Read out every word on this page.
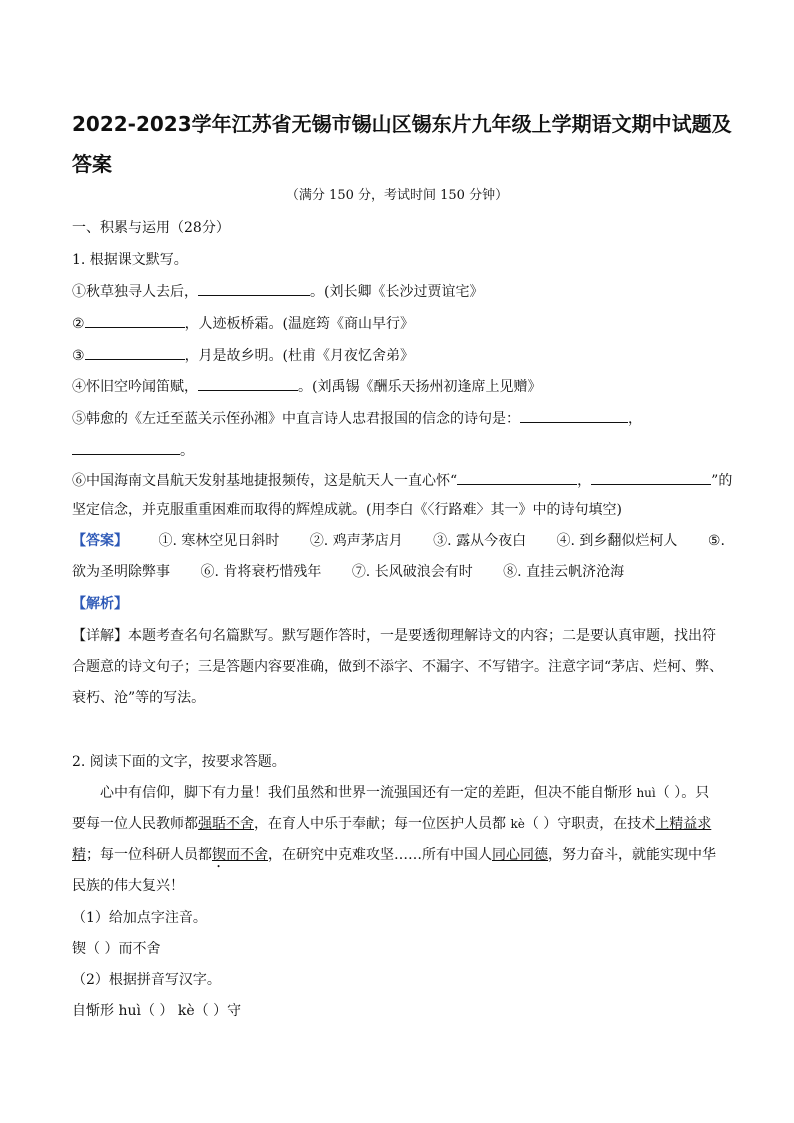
2022-2023学年江苏省无锡市锡山区锡东片九年级上学期语文期中试题及答案
（满分 150 分，考试时间 150 分钟）
一、积累与运用（28分）
1. 根据课文默写。
①秋草独寻人去后，	。(刘长卿《长沙过贾谊宅》
②	，人迹板桥霜。(温庭筠《商山早行》
③	，月是故乡明。(杜甫《月夜忆舍弟》
④怀旧空吟闻笛赋，	。(刘禹锡《酬乐天扬州初逢席上见赠》
⑤韩愈的《左迁至蓝关示侄孙湘》中直言诗人忠君报国的信念的诗句是：	，
。
⑥中国海南文昌航天发射基地捷报频传，这是航天人一直心怀“	，	”的
坚定信念，并克服重重困难而取得的辉煌成就。(用李白《〈行路难〉其一》中的诗句填空)
【答案】 ①. 寒林空见日斜时 ②. 鸡声茅店月 ③. 露从今夜白 ④. 到乡翻似烂柯人 ⑤.
欲为圣明除弊事 ⑥. 肯将衰朽惜残年 ⑦. 长风破浪会有时 ⑧. 直挂云帆济沧海
【解析】
【详解】本题考查名句名篇默写。默写题作答时，一是要透彻理解诗文的内容；二是要认真审题，找出符
合题意的诗文句子；三是答题内容要准确，做到不添字、不漏字、不写错字。注意字词“茅店、烂柯、弊、
衰朽、沧”等的写法。
2. 阅读下面的文字，按要求答题。
心中有信仰，脚下有力量！我们虽然和世界一流强国还有一定的差距，但决不能自惭形 huì（ ）。只
要每一位人民教师都强聒不舍，在育人中乐于奉献；每一位医护人员都 kè（ ）守职责，在技术上精益求
精；每一位科研人员都锲而不舍，在研究中克难攻坚……所有中国人同心同德，努力奋斗，就能实现中华
民族的伟大复兴！
（1）给加点字注音。
锲（ ）而不舍
（2）根据拼音写汉字。
自惭形 huì（ ） kè（ ）守
